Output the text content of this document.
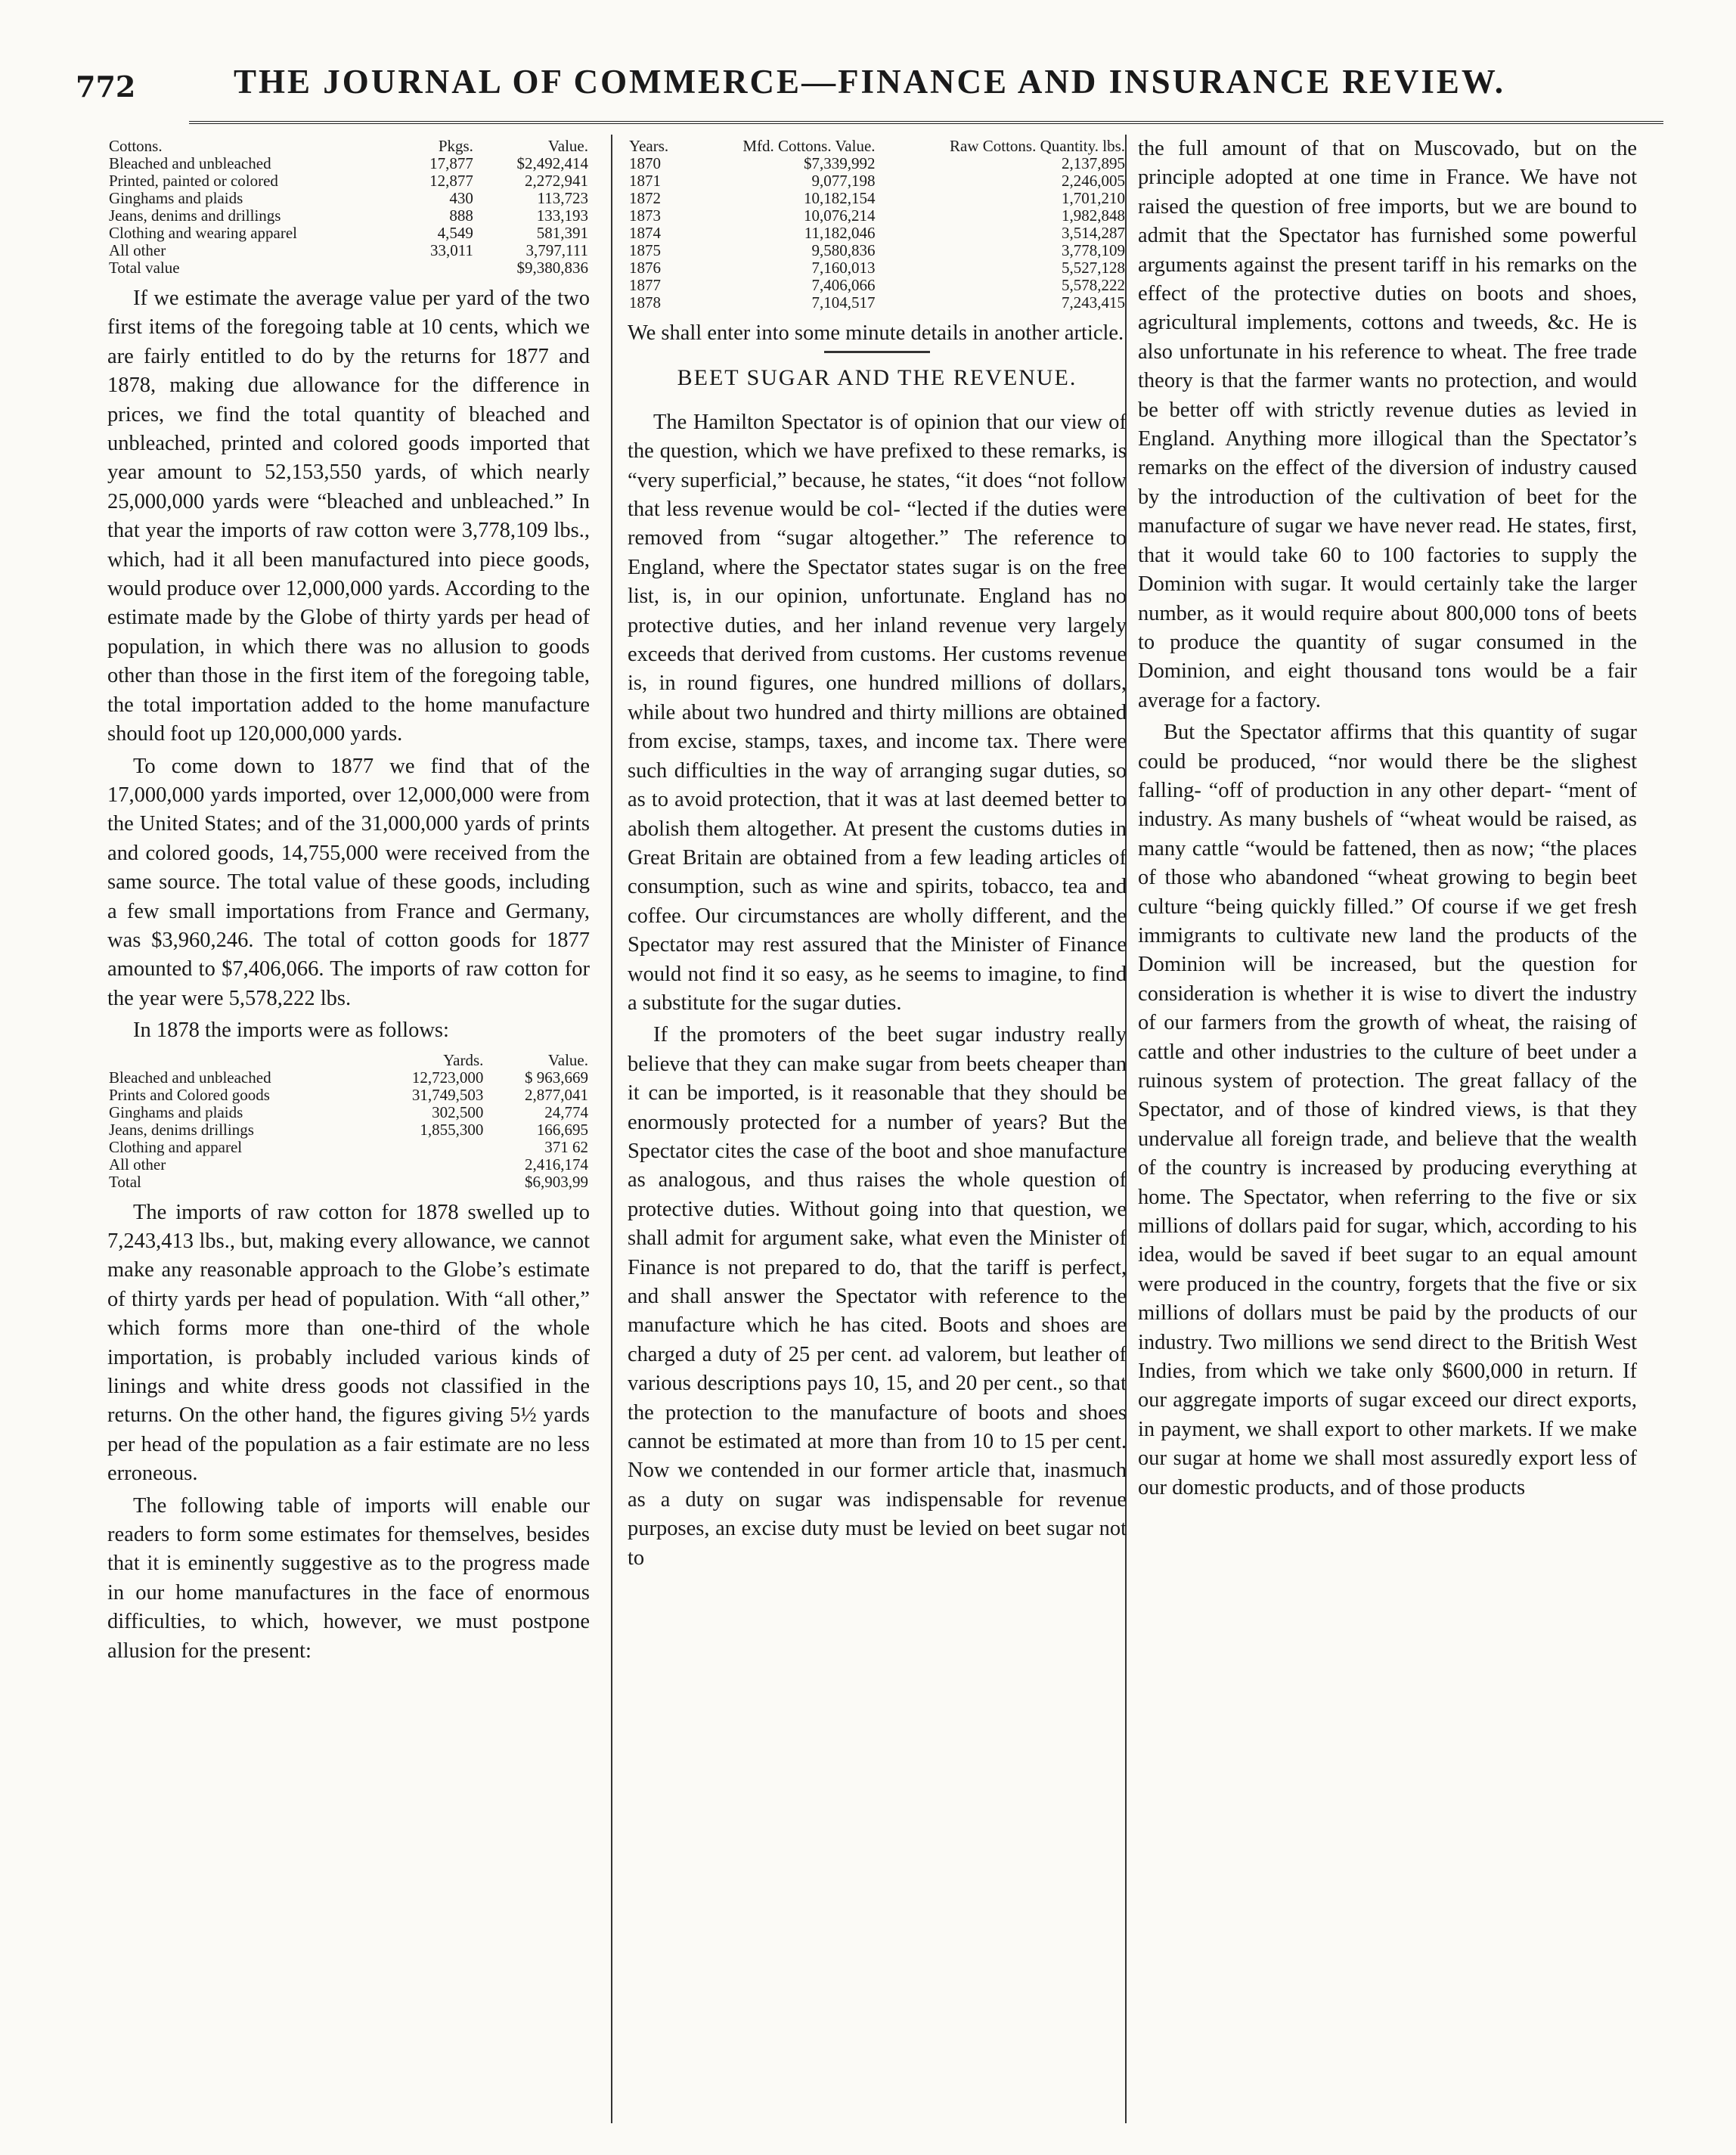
772	THE JOURNAL OF COMMERCE—FINANCE AND INSURANCE REVIEW.
Cottons.	Pkgs.	Value.
Bleached and unbleached	17,877	$2,492,414
Printed, painted or colored	12,877	2,272,941
Ginghams and plaids	430	113,723
Jeans, denims and drillings	888	133,193
Clothing and wearing apparel	4,549	581,391
All other	33,011	3,797,111
Total value		$9,380,836

If we estimate the average value per yard of the two first items of the foregoing table at 10 cents, which we are fairly entitled to do by the returns for 1877 and 1878, making due allowance for the difference in prices, we find the total quantity of bleached and unbleached, printed and colored goods imported that year amount to 52,153,550 yards, of which nearly 25,000,000 yards were “bleached and unbleached.” In that year the imports of raw cotton were 3,778,109 lbs., which, had it all been manufactured into piece goods, would produce over 12,000,000 yards. According to the estimate made by the Globe of thirty yards per head of population, in which there was no allusion to goods other than those in the first item of the foregoing table, the total importation added to the home manufacture should foot up 120,000,000 yards.

To come down to 1877 we find that of the 17,000,000 yards imported, over 12,000,000 were from the United States; and of the 31,000,000 yards of prints and colored goods, 14,755,000 were received from the same source. The total value of these goods, including a few small importations from France and Germany, was $3,960,246. The total of cotton goods for 1877 amounted to $7,406,066. The imports of raw cotton for the year were 5,578,222 lbs.

In 1878 the imports were as follows:

	Yards.	Value.
Bleached and unbleached	12,723,000	$ 963,669
Prints and Colored goods	31,749,503	2,877,041
Ginghams and plaids	302,500	24,774
Jeans, denims drillings	1,855,300	166,695
Clothing and apparel		371 62
All other		2,416,174
Total		$6,903,99

The imports of raw cotton for 1878 swelled up to 7,243,413 lbs., but, making every allowance, we cannot make any reasonable approach to the Globe’s estimate of thirty yards per head of population. With “all other,” which forms more than one-third of the whole importation, is probably included various kinds of linings and white dress goods not classified in the returns. On the other hand, the figures giving 5½ yards per head of the population as a fair estimate are no less erroneous.

The following table of imports will enable our readers to form some estimates for themselves, besides that it is eminently suggestive as to the progress made in our home manufactures in the face of enormous difficulties, to which, however, we must postpone allusion for the present:

Years.	Mfd. Cottons. Value.	Raw Cottons. Quantity. lbs.
1870	$7,339,992	2,137,895
1871	9,077,198	2,246,005
1872	10,182,154	1,701,210
1873	10,076,214	1,982,848
1874	11,182,046	3,514,287
1875	9,580,836	3,778,109
1876	7,160,013	5,527,128
1877	7,406,066	5,578,222
1878	7,104,517	7,243,415

We shall enter into some minute details in another article.

BEET SUGAR AND THE REVENUE.

The Hamilton Spectator is of opinion that our view of the question, which we have prefixed to these remarks, is “very superficial,” because, he states, “it does “not follow that less revenue would be col- “lected if the duties were removed from “sugar altogether.” The reference to England, where the Spectator states sugar is on the free list, is, in our opinion, unfortunate. England has no protective duties, and her inland revenue very largely exceeds that derived from customs. Her customs revenue is, in round figures, one hundred millions of dollars, while about two hundred and thirty millions are obtained from excise, stamps, taxes, and income tax. There were such difficulties in the way of arranging sugar duties, so as to avoid protection, that it was at last deemed better to abolish them altogether. At present the customs duties in Great Britain are obtained from a few leading articles of consumption, such as wine and spirits, tobacco, tea and coffee. Our circumstances are wholly different, and the Spectator may rest assured that the Minister of Finance would not find it so easy, as he seems to imagine, to find a substitute for the sugar duties.

If the promoters of the beet sugar industry really believe that they can make sugar from beets cheaper than it can be imported, is it reasonable that they should be enormously protected for a number of years? But the Spectator cites the case of the boot and shoe manufacture as analogous, and thus raises the whole question of protective duties. Without going into that question, we shall admit for argument sake, what even the Minister of Finance is not prepared to do, that the tariff is perfect, and shall answer the Spectator with reference to the manufacture which he has cited. Boots and shoes are charged a duty of 25 per cent. ad valorem, but leather of various descriptions pays 10, 15, and 20 per cent., so that the protection to the manufacture of boots and shoes cannot be estimated at more than from 10 to 15 per cent. Now we contended in our former article that, inasmuch as a duty on sugar was indispensable for revenue purposes, an excise duty must be levied on beet sugar not to

the full amount of that on Muscovado, but on the principle adopted at one time in France. We have not raised the question of free imports, but we are bound to admit that the Spectator has furnished some powerful arguments against the present tariff in his remarks on the effect of the protective duties on boots and shoes, agricultural implements, cottons and tweeds, &c. He is also unfortunate in his reference to wheat. The free trade theory is that the farmer wants no protection, and would be better off with strictly revenue duties as levied in England. Anything more illogical than the Spectator’s remarks on the effect of the diversion of industry caused by the introduction of the cultivation of beet for the manufacture of sugar we have never read. He states, first, that it would take 60 to 100 factories to supply the Dominion with sugar. It would certainly take the larger number, as it would require about 800,000 tons of beets to produce the quantity of sugar consumed in the Dominion, and eight thousand tons would be a fair average for a factory.

But the Spectator affirms that this quantity of sugar could be produced, “nor would there be the slighest falling- “off of production in any other depart- “ment of industry. As many bushels of “wheat would be raised, as many cattle “would be fattened, then as now; “the places of those who abandoned “wheat growing to begin beet culture “being quickly filled.” Of course if we get fresh immigrants to cultivate new land the products of the Dominion will be increased, but the question for consideration is whether it is wise to divert the industry of our farmers from the growth of wheat, the raising of cattle and other industries to the culture of beet under a ruinous system of protection. The great fallacy of the Spectator, and of those of kindred views, is that they undervalue all foreign trade, and believe that the wealth of the country is increased by producing everything at home. The Spectator, when referring to the five or six millions of dollars paid for sugar, which, according to his idea, would be saved if beet sugar to an equal amount were produced in the country, forgets that the five or six millions of dollars must be paid by the products of our industry. Two millions we send direct to the British West Indies, from which we take only $600,000 in return. If our aggregate imports of sugar exceed our direct exports, in payment, we shall export to other markets. If we make our sugar at home we shall most assuredly export less of our domestic products, and of those products
